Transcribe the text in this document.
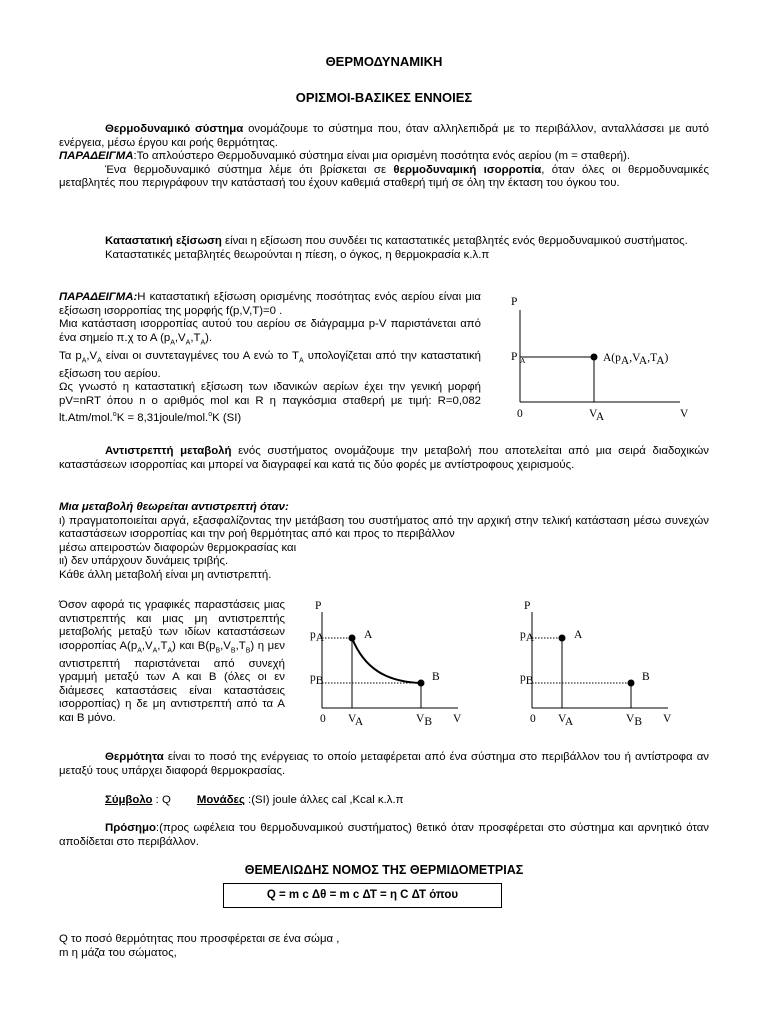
ΘΕΡΜΟΔΥΝΑΜΙΚΗ
ΟΡΙΣΜΟΙ-ΒΑΣΙΚΕΣ ΕΝΝΟΙΕΣ

Θερμοδυναμικό σύστημα ονομάζουμε το σύστημα που, όταν αλληλεπιδρά με το περιβάλλον, ανταλλάσσει με αυτό ενέργεια, μέσω έργου και ροής θερμότητας.

ΠΑΡΑΔΕΙΓΜΑ:Το απλούστερο Θερμοδυναμικό σύστημα είναι μια ορισμένη ποσότητα ενός αερίου (m = σταθερή).

Ένα θερμοδυναμικό σύστημα λέμε ότι βρίσκεται σε θερμοδυναμική ισορροπία, όταν όλες οι θερμοδυναμικές μεταβλητές που περιγράφουν την κατάστασή του έχουν καθεμιά σταθερή τιμή σε όλη την έκταση του όγκου του.

Καταστατική εξίσωση είναι η εξίσωση που συνδέει τις καταστατικές μεταβλητές ενός θερμοδυναμικού συστήματος.

Καταστατικές μεταβλητές θεωρούνται η πίεση, ο όγκος, η θερμοκρασία κ.λ.π

ΠΑΡΑΔΕΙΓΜΑ:Η καταστατική εξίσωση ορισμένης ποσότητας ενός αερίου είναι μια εξίσωση ισορροπίας της μορφής f(p,V,T)=0 .

Μια κατάσταση ισορροπίας αυτού του αερίου σε διάγραμμα p-V παριστάνεται από ένα σημείο π.χ το Α $(p_A,V_A,T_A)$.

Τα $p_A,V_A$ είναι οι συντεταγμένες του Α ενώ το $T_A$ υπολογίζεται από την καταστατική εξίσωση του αερίου.

Ως γνωστό η καταστατική εξίσωση των ιδανικών αερίων έχει την γενική μορφή pV=nRT όπου n ο αριθμός mol και R η παγκόσμια σταθερή με τιμή: R=0,082 lt.Atm/mol.$^o$K = 8,31joule/mol.$^o$K (SI)

P
P A	A(pA,VA,TA)
0	VA	V

Αντιστρεπτή μεταβολή ενός συστήματος ονομάζουμε την μεταβολή που αποτελείται από μια σειρά διαδοχικών καταστάσεων ισορροπίας και μπορεί να διαγραφεί και κατά τις δύο φορές με αντίστροφους χειρισμούς.

Μια μεταβολή θεωρείται αντιστρεπτή όταν:

ι) πραγματοποιείται αργά, εξασφαλίζοντας την μετάβαση του συστήματος από την αρχική στην τελική κατάσταση μέσω συνεχών καταστάσεων ισορροπίας και την ροή θερμότητας από και προς το περιβάλλον

μέσω απειροστών διαφορών θερμοκρασίας και

ιι) δεν υπάρχουν δυνάμεις τριβής.

Κάθε άλλη μεταβολή είναι μη αντιστρεπτή.

Όσον αφορά τις γραφικές παραστάσεις μιας αντιστρεπτής και μιας μη αντιστρεπτής μεταβολής μεταξύ των ιδίων καταστάσεων ισορροπίας $A(p_A,V_A,T_A)$ και $B(p_B,V_B,T_B)$ η μεν αντιστρεπτή παριστάνεται από συνεχή γραμμή μεταξύ των Α και Β (όλες οι εν διάμεσες καταστάσεις είναι καταστάσεις ισορροπίας) η δε μη αντιστρεπτή από τα Α και Β μόνο.

P
pA
pB
A
B
0 VA	VB V
P
pA
pB
A
B
0 VA	VB V

Θερμότητα είναι το ποσό της ενέργειας το οποίο μεταφέρεται από ένα σύστημα στο περιβάλλον του ή αντίστροφα αν μεταξύ τους υπάρχει διαφορά θερμοκρασίας.

Σύμβολο : Q Μονάδες :(SI) joule άλλες cal ,Kcal κ.λ.π

Πρόσημο:(προς ωφέλεια του θερμοδυναμικού συστήματος) θετικό όταν προσφέρεται στο σύστημα και αρνητικό όταν αποδίδεται στο περιβάλλον.

ΘΕΜΕΛΙΩΔΗΣ ΝΟΜΟΣ ΤΗΣ ΘΕΡΜΙΔΟΜΕΤΡΙΑΣ
Q = m c Δθ = m c ΔΤ = η C ΔΤ όπου

Q το ποσό θερμότητας που προσφέρεται σε ένα σώμα ,

m η μάζα του σώματος,
